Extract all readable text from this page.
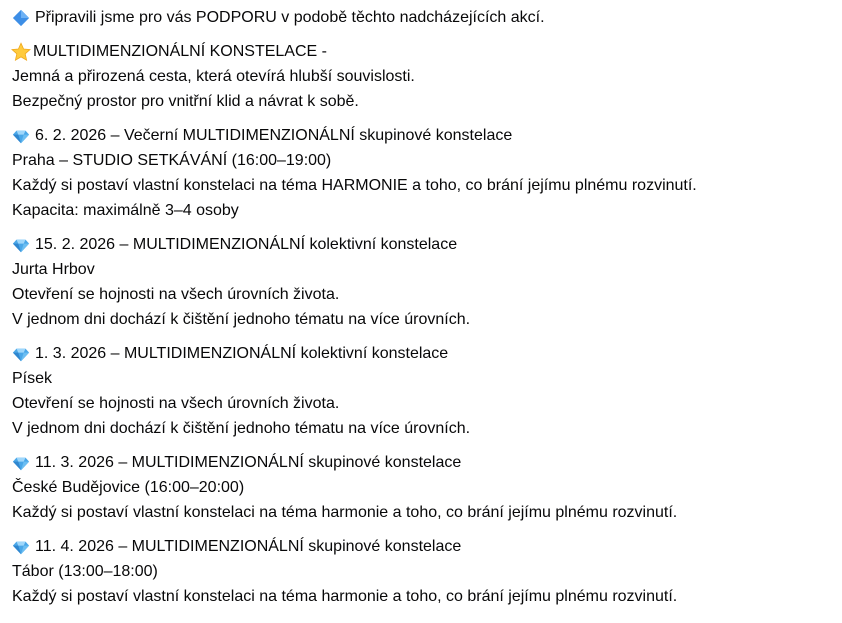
Připravili jsme pro vás PODPORU v podobě těchto nadcházejících akcí.
MULTIDIMENZIONÁLNÍ KONSTELACE -
Jemná a přirozená cesta, která otevírá hlubší souvislosti.
Bezpečný prostor pro vnitřní klid a návrat k sobě.
6. 2. 2026 – Večerní MULTIDIMENZIONÁLNÍ skupinové konstelace
Praha – STUDIO SETKÁVÁNÍ (16:00–19:00)
Každý si postaví vlastní konstelaci na téma HARMONIE a toho, co brání jejímu plnému rozvinutí.
Kapacita: maximálně 3–4 osoby
15. 2. 2026 – MULTIDIMENZIONÁLNÍ kolektivní konstelace
Jurta Hrbov
Otevření se hojnosti na všech úrovních života.
V jednom dni dochází k čištění jednoho tématu na více úrovních.
1. 3. 2026 – MULTIDIMENZIONÁLNÍ kolektivní konstelace
Písek
Otevření se hojnosti na všech úrovních života.
V jednom dni dochází k čištění jednoho tématu na více úrovních.
11. 3. 2026 – MULTIDIMENZIONÁLNÍ skupinové konstelace
České Budějovice (16:00–20:00)
Každý si postaví vlastní konstelaci na téma harmonie a toho, co brání jejímu plnému rozvinutí.
11. 4. 2026 – MULTIDIMENZIONÁLNÍ skupinové konstelace
Tábor (13:00–18:00)
Každý si postaví vlastní konstelaci na téma harmonie a toho, co brání jejímu plnému rozvinutí.
